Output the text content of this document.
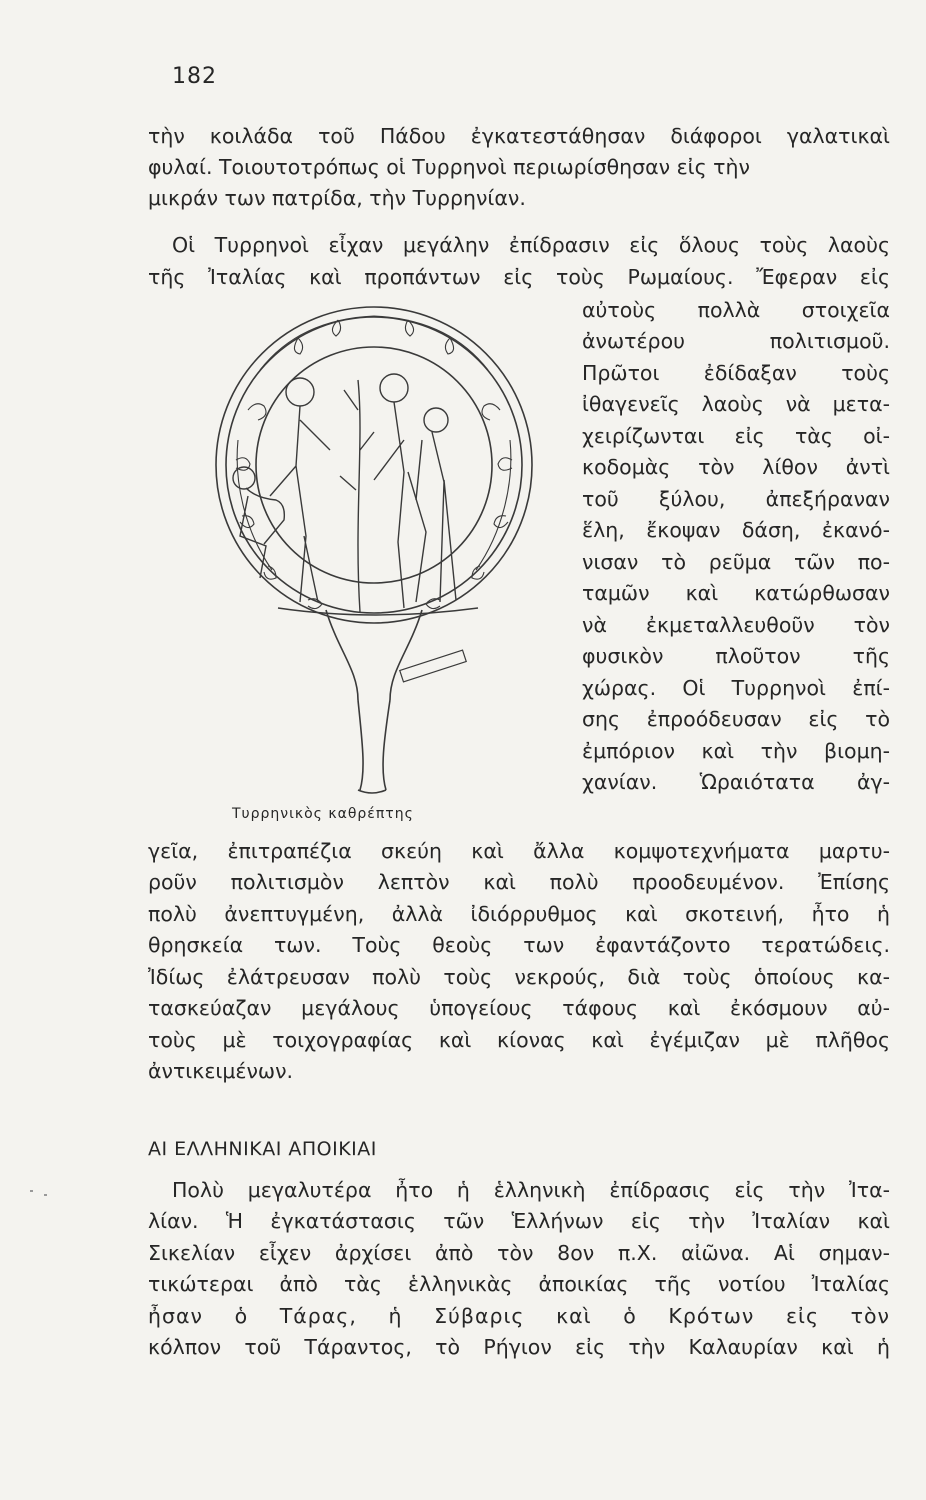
182
τὴν κοιλάδα τοῦ Πάδου ἐγκατεστάθησαν διάφοροι γαλατικαὶ
φυλαί. Τοιουτοτρόπως οἱ Τυρρηνοὶ περιωρίσθησαν εἰς τὴν
μικράν των πατρίδα, τὴν Τυρρηνίαν.
Οἱ Τυρρηνοὶ εἶχαν μεγάλην ἐπίδρασιν εἰς ὅλους τοὺς λαοὺς
τῆς Ἰταλίας καὶ προπάντων εἰς τοὺς Ρωμαίους. Ἔφεραν εἰς
αὐτοὺς πολλὰ στοιχεῖα
ἀνωτέρου πολιτισμοῦ.
Πρῶτοι ἐδίδαξαν τοὺς
ἰθαγενεῖς λαοὺς νὰ μετα-
χειρίζωνται εἰς τὰς οἰ-
κοδομὰς τὸν λίθον ἀντὶ
τοῦ ξύλου, ἀπεξήραναν
ἕλη, ἔκοψαν δάση, ἐκανό-
νισαν τὸ ρεῦμα τῶν πο-
ταμῶν καὶ κατώρθωσαν
νὰ ἐκμεταλλευθοῦν τὸν
φυσικὸν πλοῦτον τῆς
χώρας. Οἱ Τυρρηνοὶ ἐπί-
σης ἐπροόδευσαν εἰς τὸ
ἐμπόριον καὶ τὴν βιομη-
χανίαν. Ὡραιότατα ἀγ-
Τυρρηνικὸς καθρέπτης
γεῖα, ἐπιτραπέζια σκεύη καὶ ἄλλα κομψοτεχνήματα μαρτυ-
ροῦν πολιτισμὸν λεπτὸν καὶ πολὺ προοδευμένον. Ἐπίσης
πολὺ ἀνεπτυγμένη, ἀλλὰ ἰδιόρρυθμος καὶ σκοτεινή, ἦτο ἡ
θρησκεία των. Τοὺς θεοὺς των ἐφαντάζοντο τερατώδεις.
Ἰδίως ἐλάτρευσαν πολὺ τοὺς νεκρούς, διὰ τοὺς ὁποίους κα-
τασκεύαζαν μεγάλους ὑπογείους τάφους καὶ ἐκόσμουν αὐ-
τοὺς μὲ τοιχογραφίας καὶ κίονας καὶ ἐγέμιζαν μὲ πλῆθος
ἀντικειμένων.
ΑΙ ΕΛΛΗΝΙΚΑΙ ΑΠΟΙΚΙΑΙ
Πολὺ μεγαλυτέρα ἦτο ἡ ἑλληνικὴ ἐπίδρασις εἰς τὴν Ἰτα-
λίαν. Ἡ ἐγκατάστασις τῶν Ἑλλήνων εἰς τὴν Ἰταλίαν καὶ
Σικελίαν εἶχεν ἀρχίσει ἀπὸ τὸν 8ον π.Χ. αἰῶνα. Αἱ σημαν-
τικώτεραι ἀπὸ τὰς ἑλληνικὰς ἀποικίας τῆς νοτίου Ἰταλίας
ἦσαν ὁ Τάρας, ἡ Σύβαρις καὶ ὁ Κρότων εἰς τὸν
κόλπον τοῦ Τάραντος, τὸ Ρήγιον εἰς τὴν Καλαυρίαν καὶ ἡ
